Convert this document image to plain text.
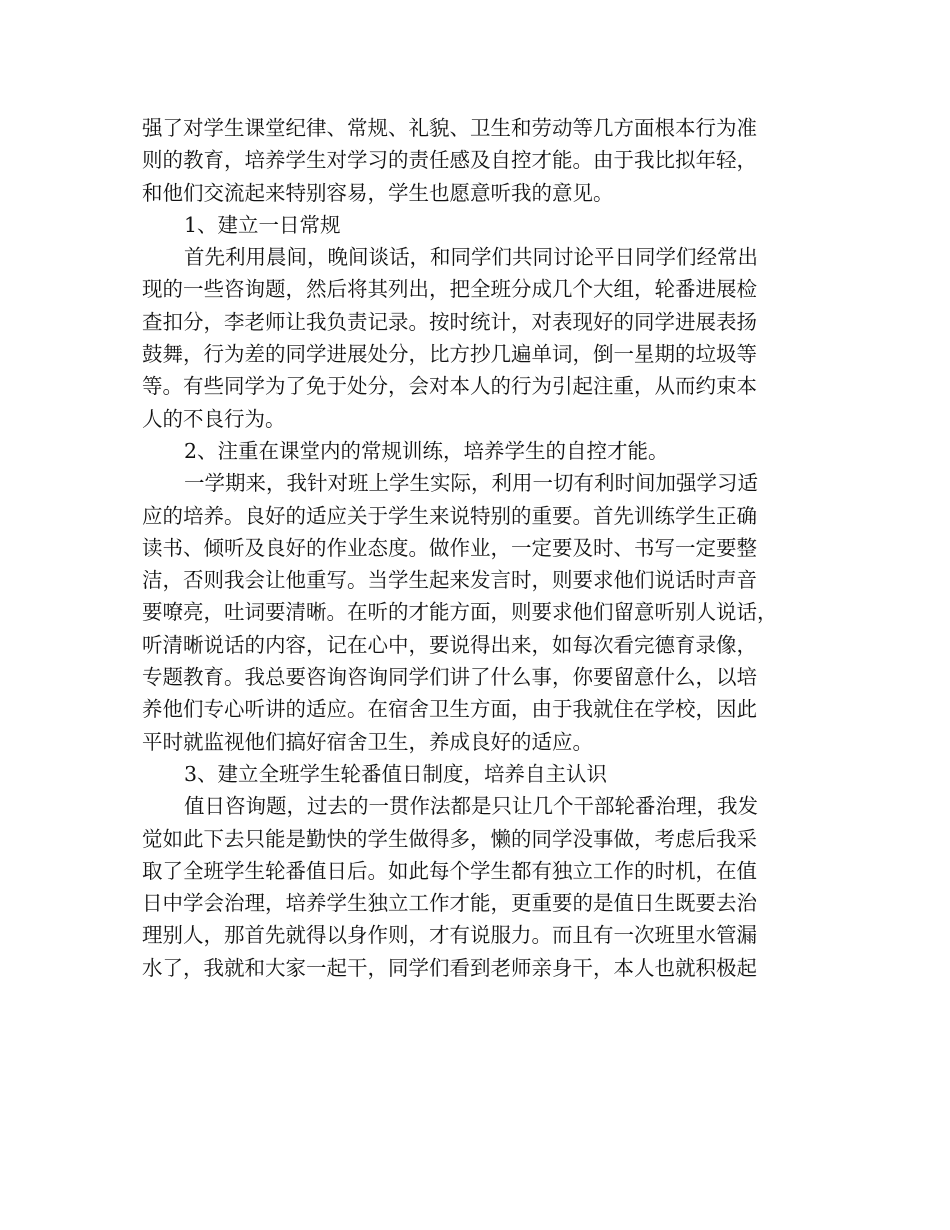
强了对学生课堂纪律、常规、礼貌、卫生和劳动等几方面根本行为准
则的教育，培养学生对学习的责任感及自控才能。由于我比拟年轻，
和他们交流起来特别容易，学生也愿意听我的意见。
1、建立一日常规
首先利用晨间，晚间谈话，和同学们共同讨论平日同学们经常出
现的一些咨询题，然后将其列出，把全班分成几个大组，轮番进展检
查扣分，李老师让我负责记录。按时统计，对表现好的同学进展表扬
鼓舞，行为差的同学进展处分，比方抄几遍单词，倒一星期的垃圾等
等。有些同学为了免于处分，会对本人的行为引起注重，从而约束本
人的不良行为。
2、注重在课堂内的常规训练，培养学生的自控才能。
一学期来，我针对班上学生实际，利用一切有利时间加强学习适
应的培养。良好的适应关于学生来说特别的重要。首先训练学生正确
读书、倾听及良好的作业态度。做作业，一定要及时、书写一定要整
洁，否则我会让他重写。当学生起来发言时，则要求他们说话时声音
要嘹亮，吐词要清晰。在听的才能方面，则要求他们留意听别人说话，
听清晰说话的内容，记在心中，要说得出来，如每次看完德育录像，
专题教育。我总要咨询咨询同学们讲了什么事，你要留意什么，以培
养他们专心听讲的适应。在宿舍卫生方面，由于我就住在学校，因此
平时就监视他们搞好宿舍卫生，养成良好的适应。
3、建立全班学生轮番值日制度，培养自主认识
值日咨询题，过去的一贯作法都是只让几个干部轮番治理，我发
觉如此下去只能是勤快的学生做得多，懒的同学没事做，考虑后我采
取了全班学生轮番值日后。如此每个学生都有独立工作的时机，在值
日中学会治理，培养学生独立工作才能，更重要的是值日生既要去治
理别人，那首先就得以身作则，才有说服力。而且有一次班里水管漏
水了，我就和大家一起干，同学们看到老师亲身干，本人也就积极起
